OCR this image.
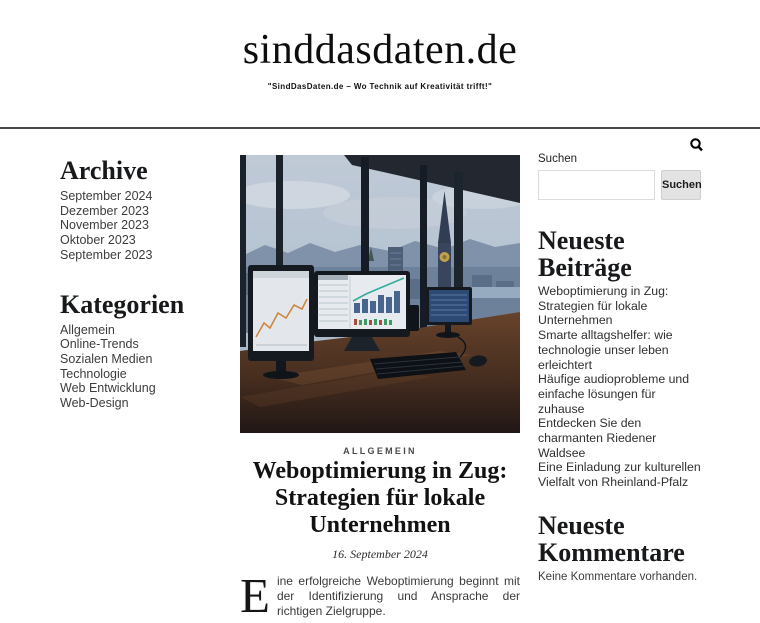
sinddasdaten.de
"SindDasDaten.de – Wo Technik auf Kreativität trifft!"
Archive
September 2024
Dezember 2023
November 2023
Oktober 2023
September 2023
Kategorien
Allgemein
Online-Trends
Sozialen Medien
Technologie
Web Entwicklung
Web-Design
ALLGEMEIN
Weboptimierung in Zug: Strategien für lokale Unternehmen
16. September 2024

Eine erfolgreiche Weboptimierung beginnt mit der Identifizierung und Ansprache der richtigen Zielgruppe.

Suchen
Suchen
Neueste Beiträge
Weboptimierung in Zug: Strategien für lokale Unternehmen
Smarte alltagshelfer: wie technologie unser leben erleichtert
Häufige audioprobleme und einfache lösungen für zuhause
Entdecken Sie den charmanten Riedener Waldsee
Eine Einladung zur kulturellen Vielfalt von Rheinland-Pfalz
Neueste Kommentare
Keine Kommentare vorhanden.
